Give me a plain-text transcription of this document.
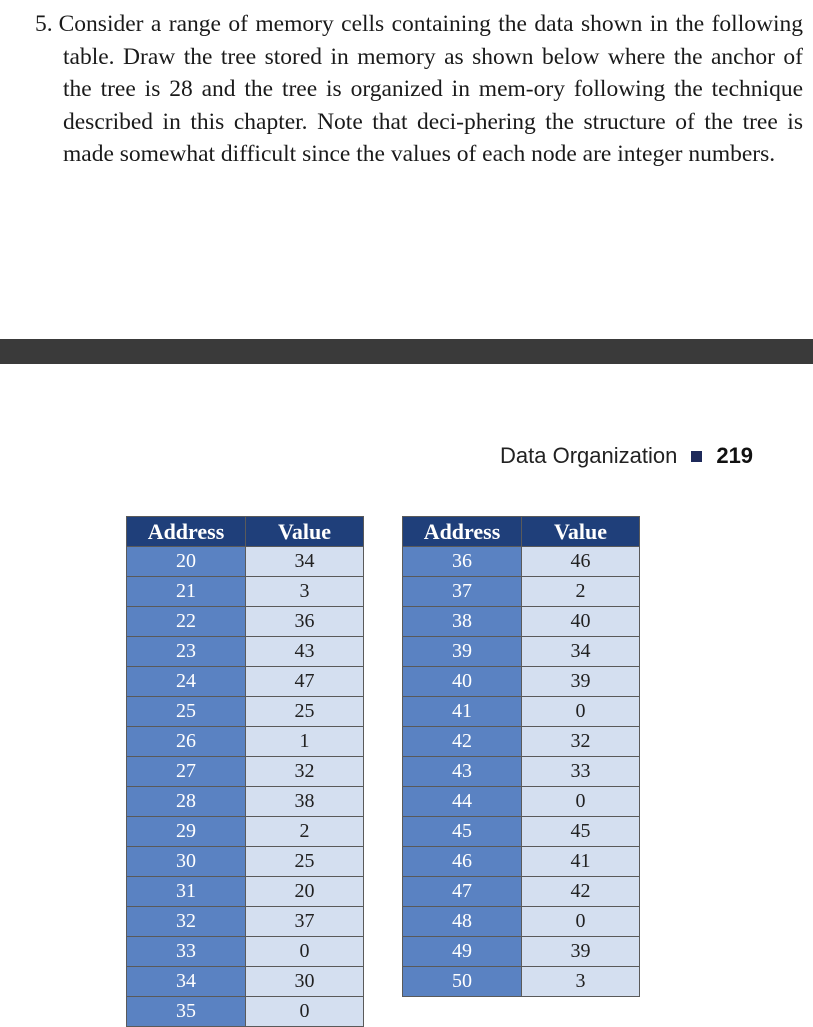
5. Consider a range of memory cells containing the data shown in the following table. Draw the tree stored in memory as shown below where the anchor of the tree is 28 and the tree is organized in mem-ory following the technique described in this chapter. Note that deci-phering the structure of the tree is made somewhat difficult since the values of each node are integer numbers.
Data Organization 219
Address	Value
20	34
21	3
22	36
23	43
24	47
25	25
26	1
27	32
28	38
29	2
30	25
31	20
32	37
33	0
34	30
35	0
Address	Value
36	46
37	2
38	40
39	34
40	39
41	0
42	32
43	33
44	0
45	45
46	41
47	42
48	0
49	39
50	3
